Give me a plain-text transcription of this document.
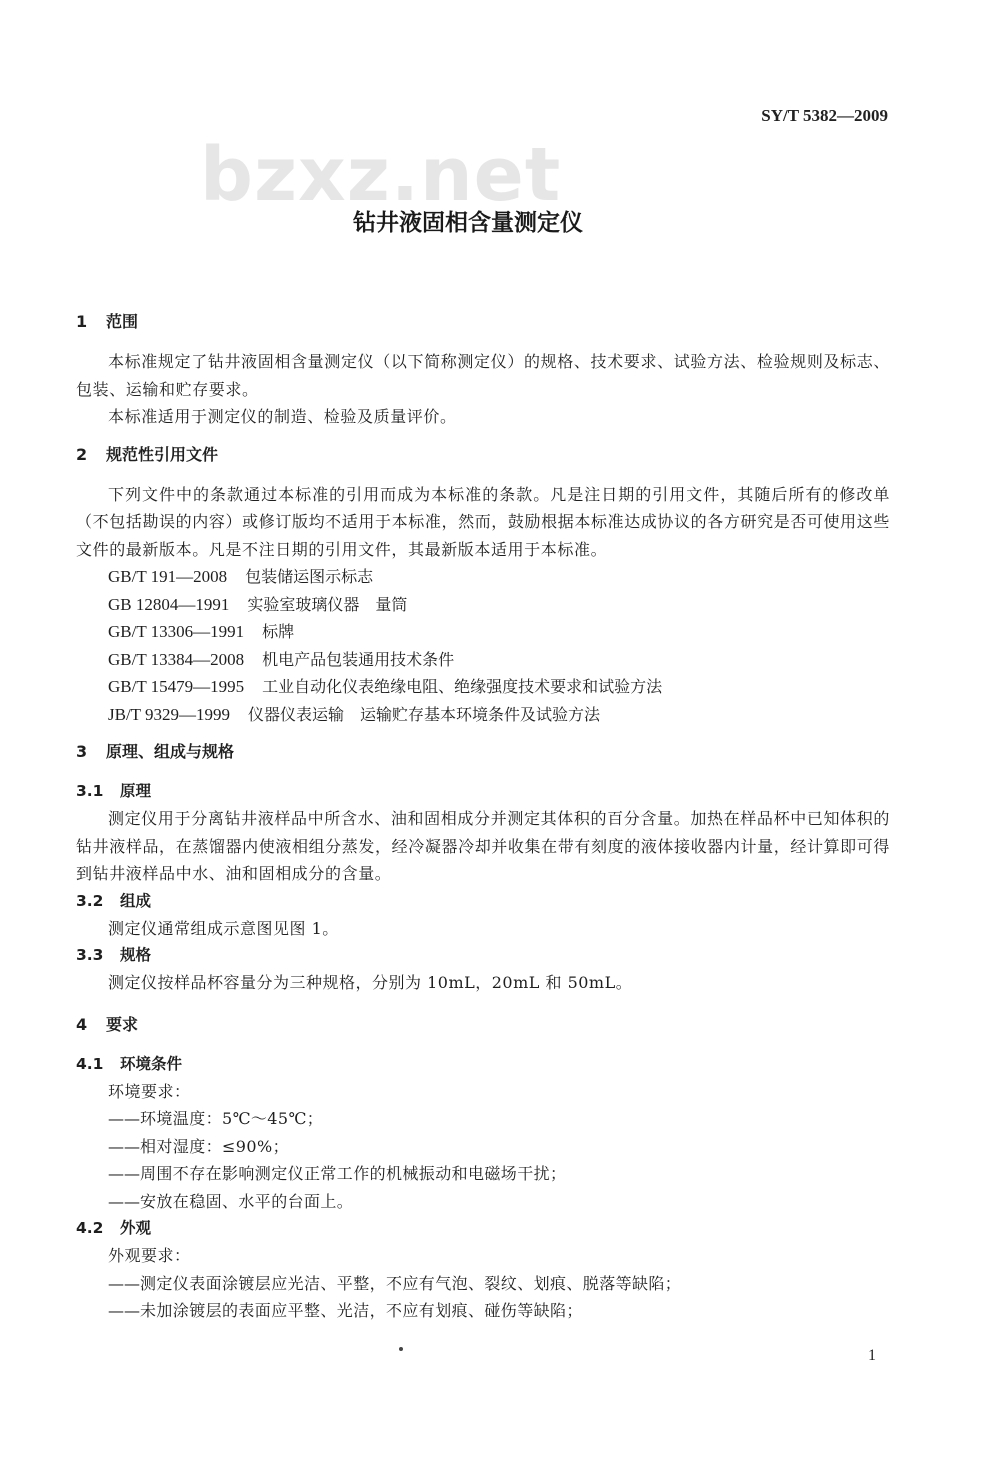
SY/T 5382—2009
bzxz.net
钻井液固相含量测定仪
1 范围
本标准规定了钻井液固相含量测定仪（以下简称测定仪）的规格、技术要求、试验方法、检验规则及标志、包装、运输和贮存要求。
本标准适用于测定仪的制造、检验及质量评价。
2 规范性引用文件
下列文件中的条款通过本标准的引用而成为本标准的条款。凡是注日期的引用文件，其随后所有的修改单（不包括勘误的内容）或修订版均不适用于本标准，然而，鼓励根据本标准达成协议的各方研究是否可使用这些文件的最新版本。凡是不注日期的引用文件，其最新版本适用于本标准。
GB/T 191—2008 包装储运图示标志
GB 12804—1991 实验室玻璃仪器　量筒
GB/T 13306—1991 标牌
GB/T 13384—2008 机电产品包装通用技术条件
GB/T 15479—1995 工业自动化仪表绝缘电阻、绝缘强度技术要求和试验方法
JB/T 9329—1999 仪器仪表运输　运输贮存基本环境条件及试验方法
3 原理、组成与规格
3.1 原理
测定仪用于分离钻井液样品中所含水、油和固相成分并测定其体积的百分含量。加热在样品杯中已知体积的钻井液样品，在蒸馏器内使液相组分蒸发，经冷凝器冷却并收集在带有刻度的液体接收器内计量，经计算即可得到钻井液样品中水、油和固相成分的含量。
3.2 组成
测定仪通常组成示意图见图 1。
3.3 规格
测定仪按样品杯容量分为三种规格，分别为 10mL，20mL 和 50mL。
4 要求
4.1 环境条件
环境要求：
——环境温度：5℃～45℃；
——相对湿度：≤90%；
——周围不存在影响测定仪正常工作的机械振动和电磁场干扰；
——安放在稳固、水平的台面上。
4.2 外观
外观要求：
——测定仪表面涂镀层应光洁、平整，不应有气泡、裂纹、划痕、脱落等缺陷；
——未加涂镀层的表面应平整、光洁，不应有划痕、碰伤等缺陷；
1
